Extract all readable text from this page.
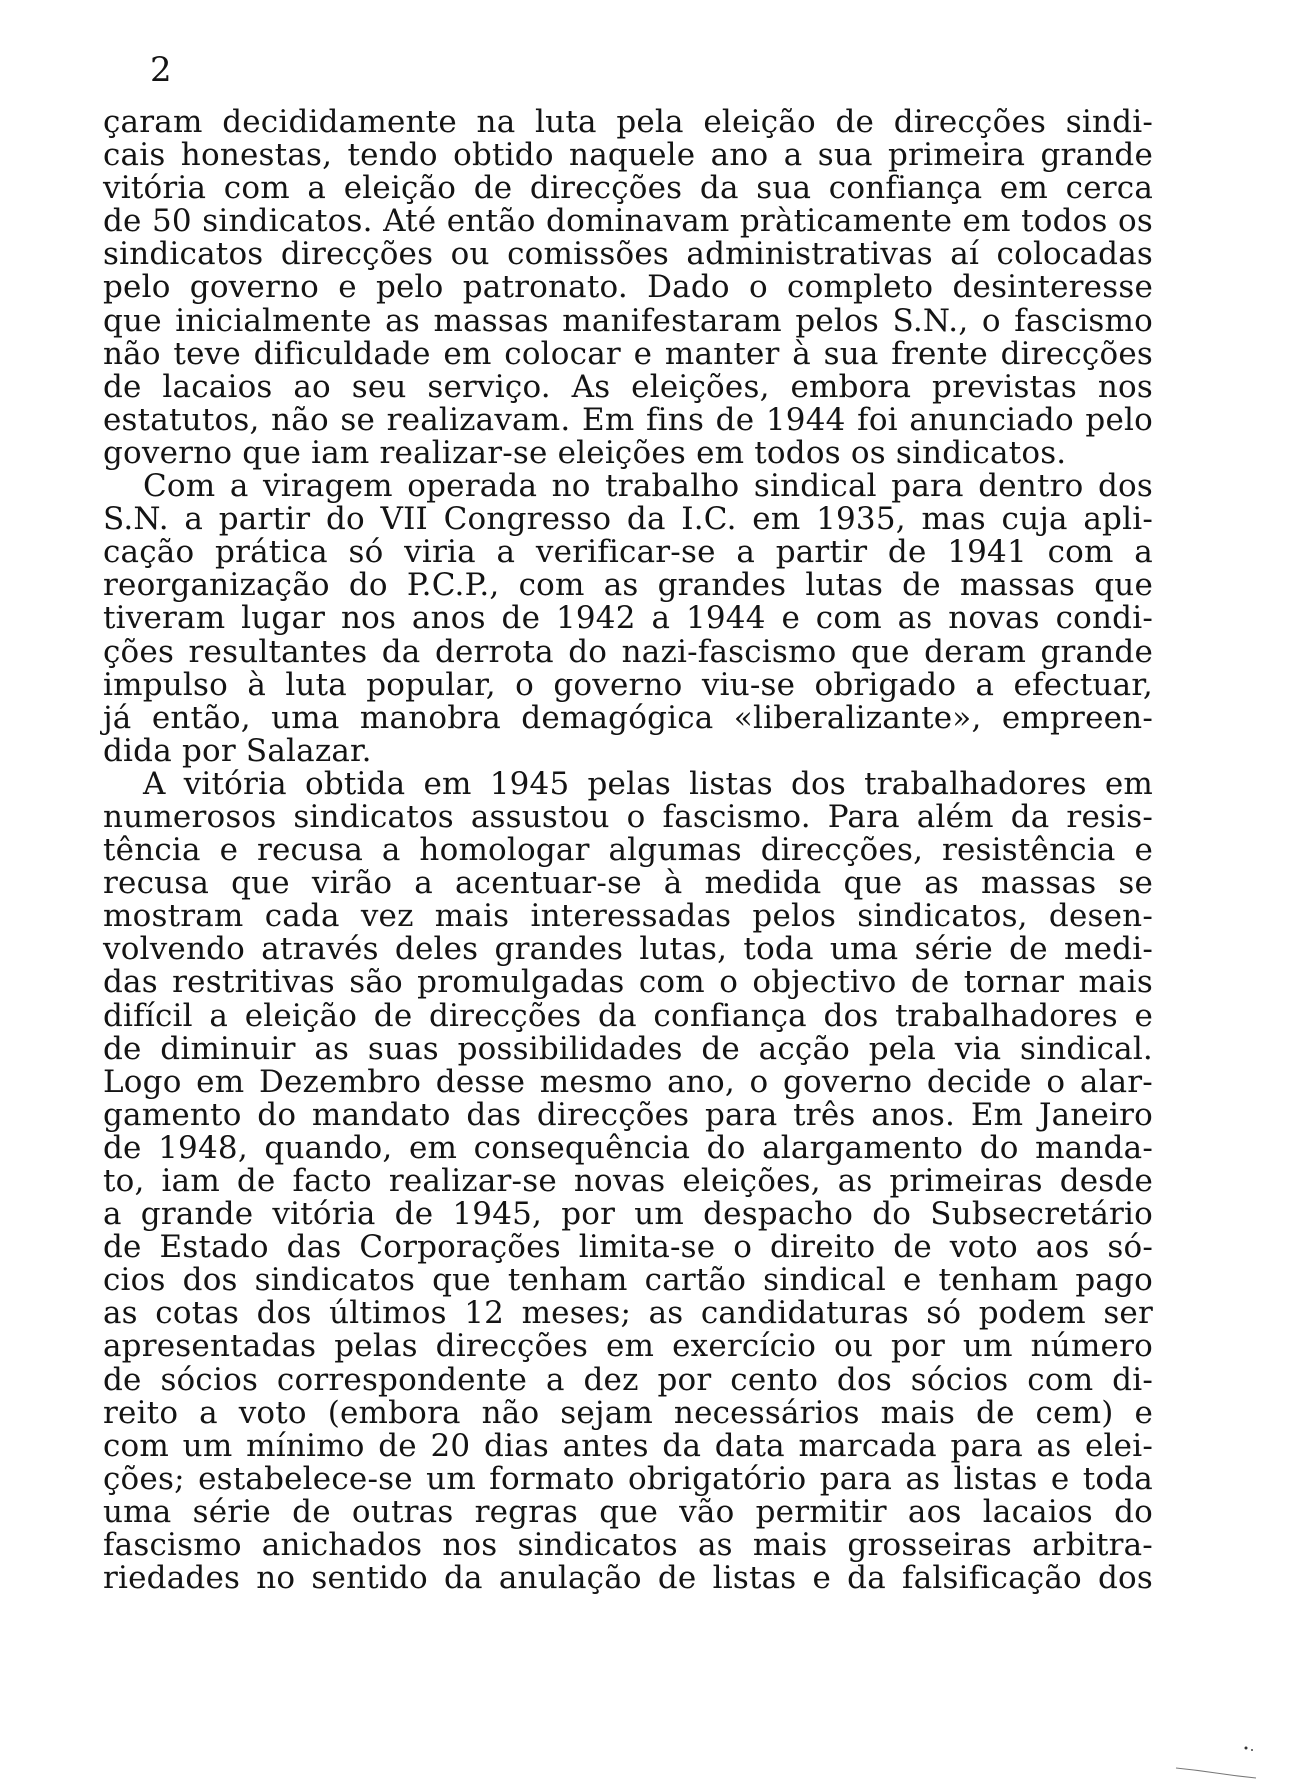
2
çaram decididamente na luta pela eleição de direcções sindi-
cais honestas, tendo obtido naquele ano a sua primeira grande
vitória com a eleição de direcções da sua confiança em cerca
de 50 sindicatos. Até então dominavam pràticamente em todos os
sindicatos direcções ou comissões administrativas aí colocadas
pelo governo e pelo patronato. Dado o completo desinteresse
que inicialmente as massas manifestaram pelos S.N., o fascismo
não teve dificuldade em colocar e manter à sua frente direcções
de lacaios ao seu serviço. As eleições, embora previstas nos
estatutos, não se realizavam. Em fins de 1944 foi anunciado pelo
governo que iam realizar-se eleições em todos os sindicatos.
Com a viragem operada no trabalho sindical para dentro dos
S.N. a partir do VII Congresso da I.C. em 1935, mas cuja apli-
cação prática só viria a verificar-se a partir de 1941 com a
reorganização do P.C.P., com as grandes lutas de massas que
tiveram lugar nos anos de 1942 a 1944 e com as novas condi-
ções resultantes da derrota do nazi-fascismo que deram grande
impulso à luta popular, o governo viu-se obrigado a efectuar,
já então, uma manobra demagógica «liberalizante», empreen-
dida por Salazar.
A vitória obtida em 1945 pelas listas dos trabalhadores em
numerosos sindicatos assustou o fascismo. Para além da resis-
tência e recusa a homologar algumas direcções, resistência e
recusa que virão a acentuar-se à medida que as massas se
mostram cada vez mais interessadas pelos sindicatos, desen-
volvendo através deles grandes lutas, toda uma série de medi-
das restritivas são promulgadas com o objectivo de tornar mais
difícil a eleição de direcções da confiança dos trabalhadores e
de diminuir as suas possibilidades de acção pela via sindical.
Logo em Dezembro desse mesmo ano, o governo decide o alar-
gamento do mandato das direcções para três anos. Em Janeiro
de 1948, quando, em consequência do alargamento do manda-
to, iam de facto realizar-se novas eleições, as primeiras desde
a grande vitória de 1945, por um despacho do Subsecretário
de Estado das Corporações limita-se o direito de voto aos só-
cios dos sindicatos que tenham cartão sindical e tenham pago
as cotas dos últimos 12 meses; as candidaturas só podem ser
apresentadas pelas direcções em exercício ou por um número
de sócios correspondente a dez por cento dos sócios com di-
reito a voto (embora não sejam necessários mais de cem) e
com um mínimo de 20 dias antes da data marcada para as elei-
ções; estabelece-se um formato obrigatório para as listas e toda
uma série de outras regras que vão permitir aos lacaios do
fascismo anichados nos sindicatos as mais grosseiras arbitra-
riedades no sentido da anulação de listas e da falsificação dos
